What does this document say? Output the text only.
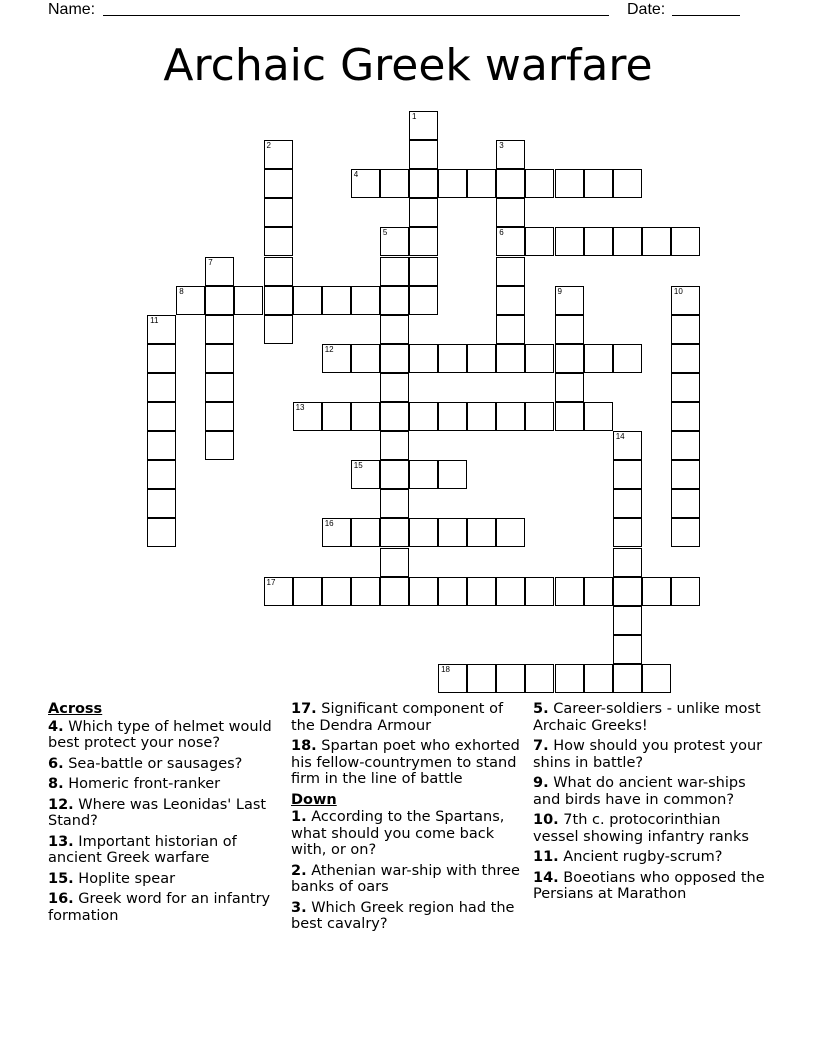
Name:	Date:
Archaic Greek warfare
1
2	3
6
4
5
7
8	9	10
11
12
13
14
15
16
17
18
Across
4. Which type of helmet would best protect your nose?
6. Sea-battle or sausages?
8. Homeric front-ranker
12. Where was Leonidas' Last Stand?
13. Important historian of ancient Greek warfare
15. Hoplite spear
16. Greek word for an infantry formation
17. Significant component of the Dendra Armour
18. Spartan poet who exhorted his fellow-countrymen to stand firm in the line of battle
Down
1. According to the Spartans, what should you come back with, or on?
2. Athenian war-ship with three banks of oars
3. Which Greek region had the best cavalry?
5. Career-soldiers - unlike most Archaic Greeks!
7. How should you protest your shins in battle?
9. What do ancient war-ships and birds have in common?
10. 7th c. protocorinthian vessel showing infantry ranks
11. Ancient rugby-scrum?
14. Boeotians who opposed the Persians at Marathon
